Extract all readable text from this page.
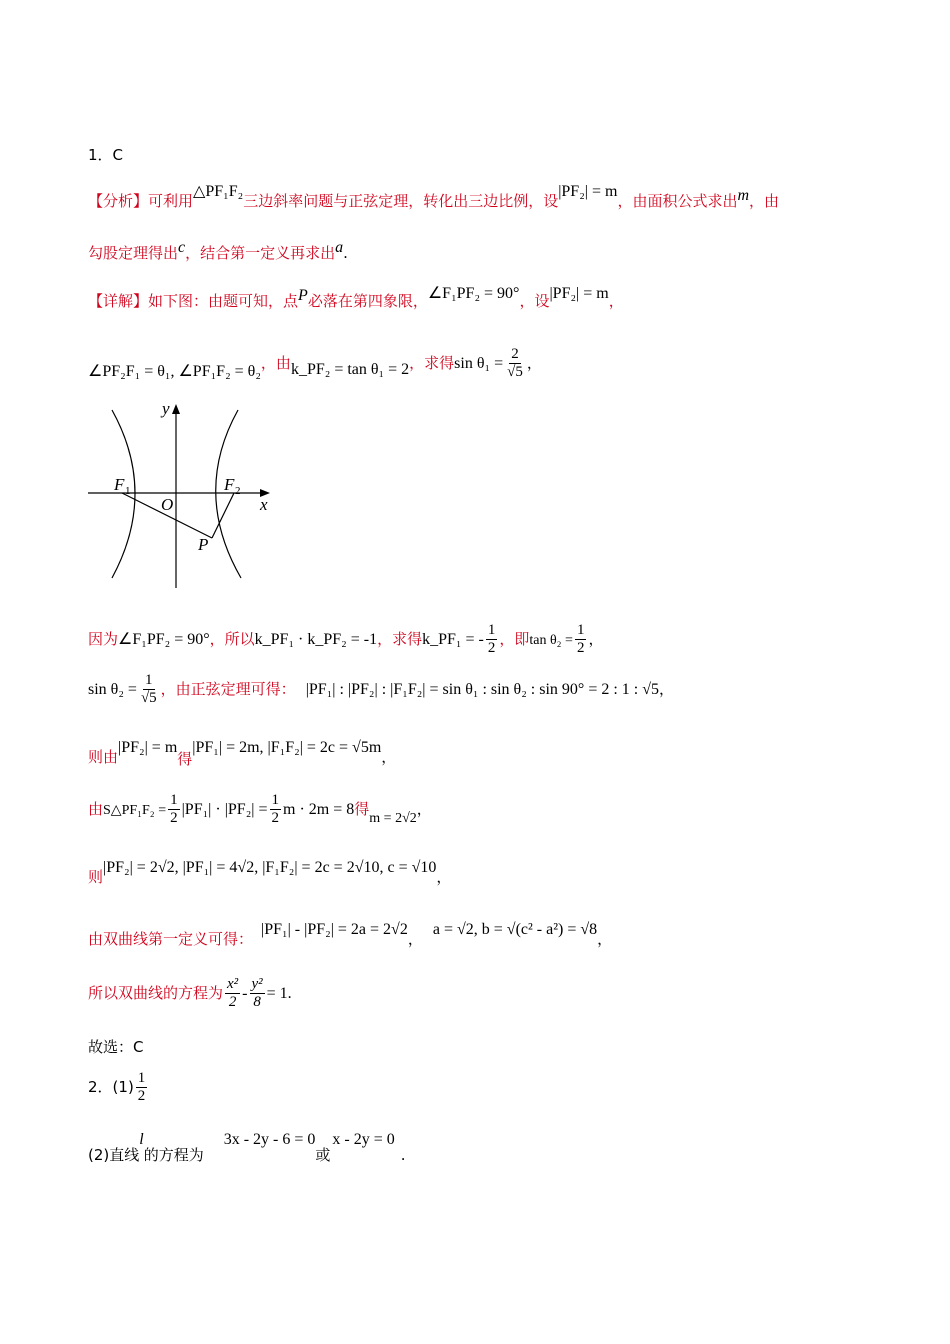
1．C
【分析】可利用△PF₁F₂三边斜率问题与正弦定理，转化出三边比例，设|PF₂| = m，由面积公式求出m，由
勾股定理得出c，结合第一定义再求出a.
【详解】如下图：由题可知，点P必落在第四象限，∠F₁PF₂ = 90°，设|PF₂| = m，
∠PF₂F₁ = θ₁, ∠PF₁F₂ = θ₂，由k_PF₂ = tan θ₁ = 2，求得$\sin \theta_1 = \frac{2}{√5}$ ，
y
x
F 1	F 2
O
P
因为∠F₁PF₂ = 90°，所以k_PF₁ · k_PF₂ = -1，求得k_PF₁ = - $\frac{1}{2}$ ，即$\tan \theta_2 = \frac{1}{2}$ ，
$\sin \theta_2 = \frac{1}{√5}$ ，由正弦定理可得： |PF₁| : |PF₂| : |F₁F₂| = sin θ₁ : sin θ₂ : sin 90° = 2 : 1 : √5，
则由|PF₂| = m得|PF₁| = 2m, |F₁F₂| = 2c = √5m，
由S△PF₁F₂ = $\frac{1}{2} |PF_1| \cdot |PF_2| = \frac{1}{2}$ m · 2m = 8得m = 2√2，
则|PF₂| = 2√2, |PF₁| = 4√2, |F₁F₂| = 2c = 2√10, c = √10，
由双曲线第一定义可得：|PF₁| - |PF₂| = 2a = 2√2，a = √2, b = √(c² - a²) = √8，
所以双曲线的方程为 $\frac{\text{x²}}{2} - \frac{\text{y²}}{8} = 1$.
故选：C
2．$(1) \frac{1}{2}$
(2)直线l的方程为3x - 2y - 6 = 0或x - 2y = 0.
